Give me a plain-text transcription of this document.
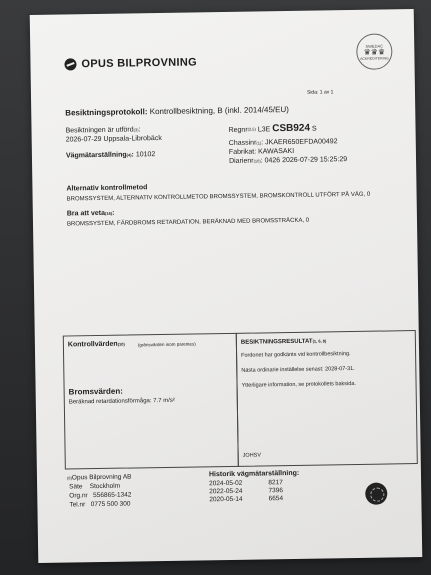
OPUS BILPROVNING
SWEDAC
♛♛♛
ACKREDITERING
Sida: 1 av 1
Besiktningsprotokoll: Kontrollbesiktning, B (inkl. 2014/45/EU)
Besiktningen är utförd$^{(3)}$:
2026-07-29 Uppsala-Librobäck
Vägmätarställning$^{(4)}$: 10102
Regnr$^{(2,5)}$ L3E CSB924 S
Chassinr$^{(1)}$: JKAER650EFDA00492
Fabrikat: KAWASAKI
Diarienr$^{(10)}$: 0426 2026-07-29 15:25:29
Alternativ kontrollmetod
BROMSSYSTEM, ALTERNATIV KONTROLLMETOD BROMSSYSTEM, BROMSKONTROLL UTFÖRT PÅ VÄG, 0
Bra att veta$^{(16)}$:
BROMSSYSTEM, FÄRDBROMS RETARDATION, BERÄKNAD MED BROMSSTRÄCKA, 0
Kontrollvärden$^{(10)}$	(gränsvärden inom parentes)
Bromsvärden:
Beräknad retardationsförmåga: 7.7 m/s²
BESIKTNINGSRESULTAT$^{(1, 6, 8)}$
Fordonet har godkänts vid kontrollbesiktning.
Nästa ordinarie inställelse senast: 2028-07-31.
Ytterligare information, se protokollets baksida.
JOHSV
$^{(8)}$Opus Bilprovning AB
Säte Stockholm
Org.nr 556865-1342
Tel.nr 0775 500 300
Historik vägmätarställning:
2024-05-02	8217
2022-05-24	7396
2020-05-14	6654
